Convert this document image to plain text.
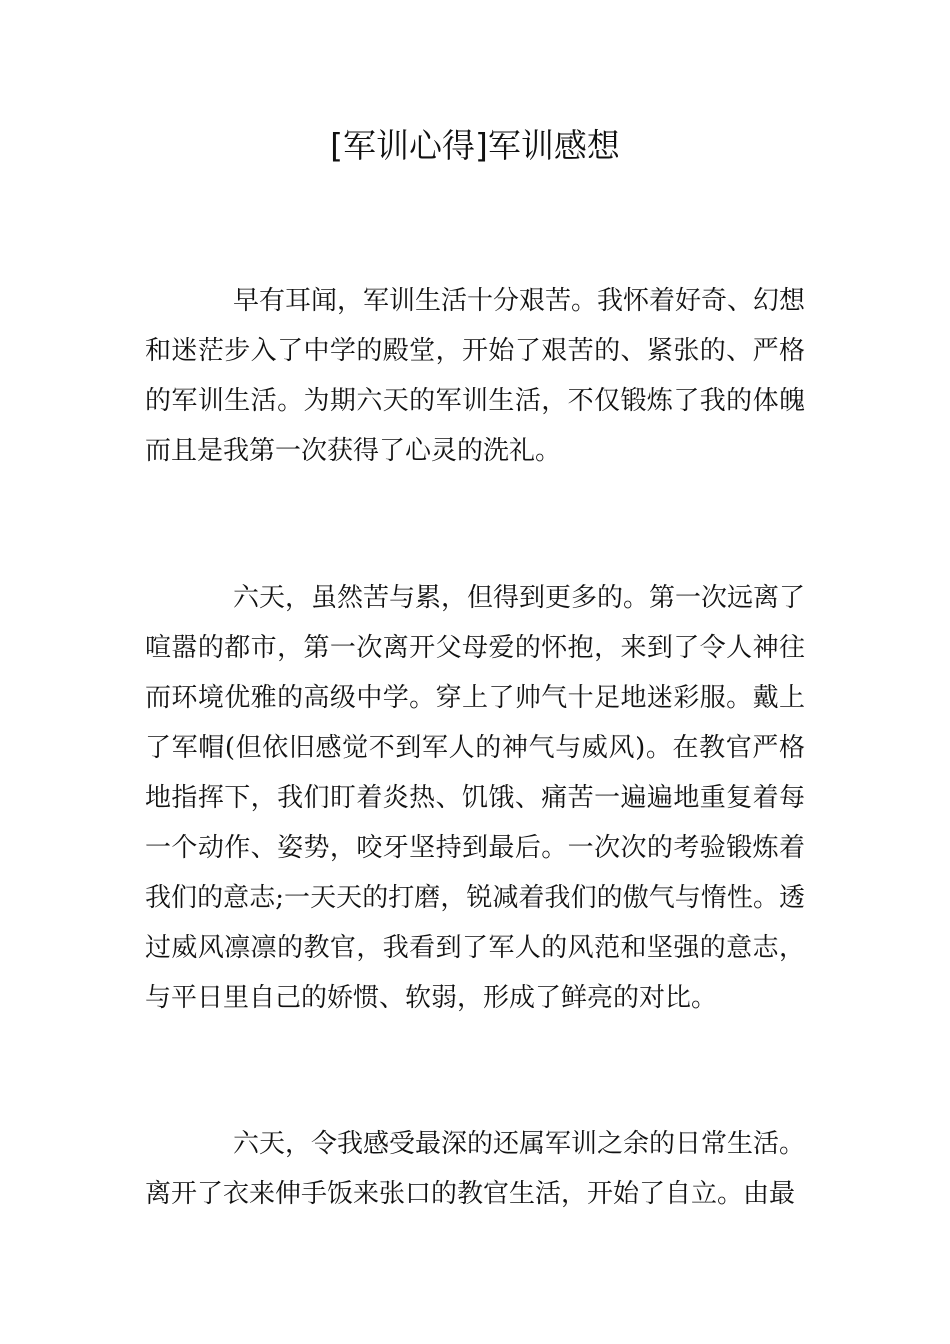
[军训心得]军训感想

早有耳闻，军训生活十分艰苦。我怀着好奇、幻想和迷茫步入了中学的殿堂，开始了艰苦的、紧张的、严格的军训生活。为期六天的军训生活，不仅锻炼了我的体魄而且是我第一次获得了心灵的洗礼。

六天，虽然苦与累，但得到更多的。第一次远离了喧嚣的都市，第一次离开父母爱的怀抱，来到了令人神往而环境优雅的高级中学。穿上了帅气十足地迷彩服。戴上了军帽(但依旧感觉不到军人的神气与威风)。在教官严格地指挥下，我们盯着炎热、饥饿、痛苦一遍遍地重复着每一个动作、姿势，咬牙坚持到最后。一次次的考验锻炼着我们的意志;一天天的打磨，锐减着我们的傲气与惰性。透过威风凛凛的教官，我看到了军人的风范和坚强的意志，与平日里自己的娇惯、软弱，形成了鲜亮的对比。

六天，令我感受最深的还属军训之余的日常生活。离开了衣来伸手饭来张口的教官生活，开始了自立。由最
